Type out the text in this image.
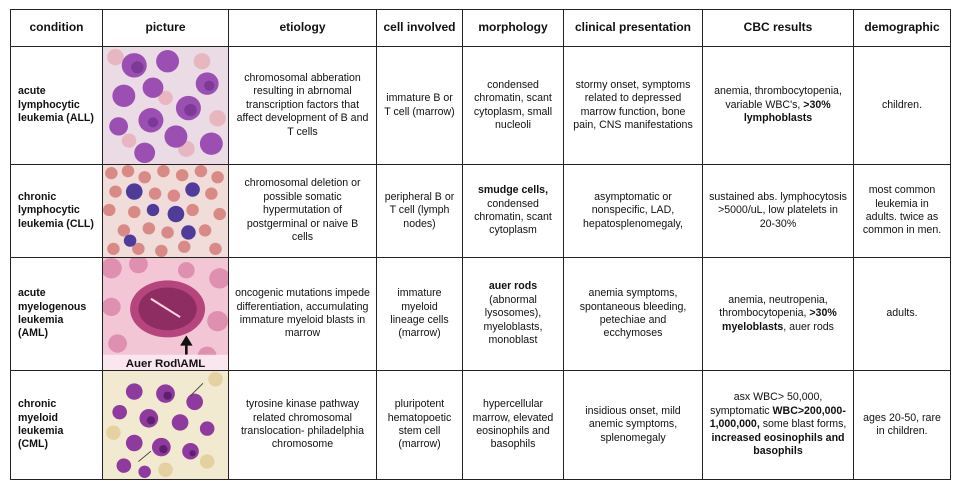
condition	picture	etiology	cell involved	morphology	clinical presentation	CBC results	demographic
acute lymphocytic leukemia (ALL)		chromosomal abberation resulting in abrnomal transcription factors that affect development of B and T cells	immature B or T cell (marrow)	condensed chromatin, scant cytoplasm, small nucleoli	stormy onset, symptoms related to depressed marrow function, bone pain, CNS manifestations	anemia, thrombocytopenia, variable WBC's, >30% lymphoblasts	children.
chronic lymphocytic leukemia (CLL)		chromosomal deletion or possible somatic hypermutation of postgerminal or naive B cells	peripheral B or T cell (lymph nodes)	smudge cells, condensed chromatin, scant cytoplasm	asymptomatic or nonspecific, LAD, hepatosplenomegaly,	sustained abs. lymphocytosis >5000/uL, low platelets in 20-30%	most common leukemia in adults. twice as common in men.
acute myelogenous leukemia (AML)	Auer Rod\AML	oncogenic mutations impede differentiation, accumulating immature myeloid blasts in marrow	immature myeloid lineage cells (marrow)	auer rods (abnormal lysosomes), myeloblasts, monoblast	anemia symptoms, spontaneous bleeding, petechiae and ecchymoses	anemia, neutropenia, thrombocytopenia, >30% myeloblasts, auer rods	adults.
chronic myeloid leukemia (CML)		tyrosine kinase pathway related chromosomal translocation- philadelphia chromosome	pluripotent hematopoetic stem cell (marrow)	hypercellular marrow, elevated eosinophils and basophils	insidious onset, mild anemic symptoms, splenomegaly	asx WBC> 50,000, symptomatic WBC>200,000-1,000,000, some blast forms, increased eosinophils and basophils	ages 20-50, rare in children.
